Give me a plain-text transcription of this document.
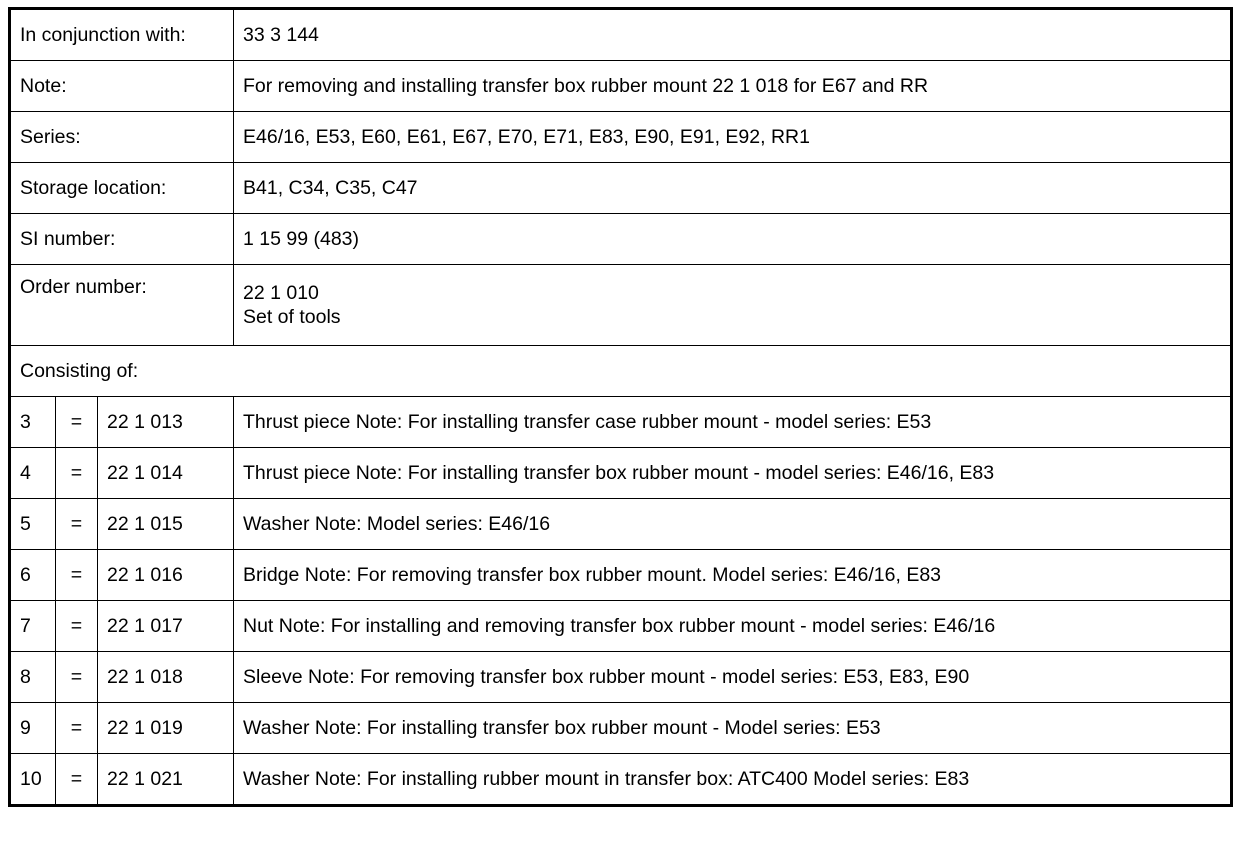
In conjunction with:			33 3 144
Note:			For removing and installing transfer box rubber mount 22 1 018 for E67 and RR
Series:			E46/16, E53, E60, E61, E67, E70, E71, E83, E90, E91, E92, RR1
Storage location:			B41, C34, C35, C47
SI number:			1 15 99 (483)
Order number:			22 1 010
Set of tools

Consisting of:			
3	=	22 1 013	Thrust piece Note: For installing transfer case rubber mount - model series: E53
4	=	22 1 014	Thrust piece Note: For installing transfer box rubber mount - model series: E46/16, E83
5	=	22 1 015	Washer Note: Model series: E46/16
6	=	22 1 016	Bridge Note: For removing transfer box rubber mount. Model series: E46/16, E83
7	=	22 1 017	Nut Note: For installing and removing transfer box rubber mount - model series: E46/16
8	=	22 1 018	Sleeve Note: For removing transfer box rubber mount - model series: E53, E83, E90
9	=	22 1 019	Washer Note: For installing transfer box rubber mount - Model series: E53
10	=	22 1 021	Washer Note: For installing rubber mount in transfer box: ATC400 Model series: E83
